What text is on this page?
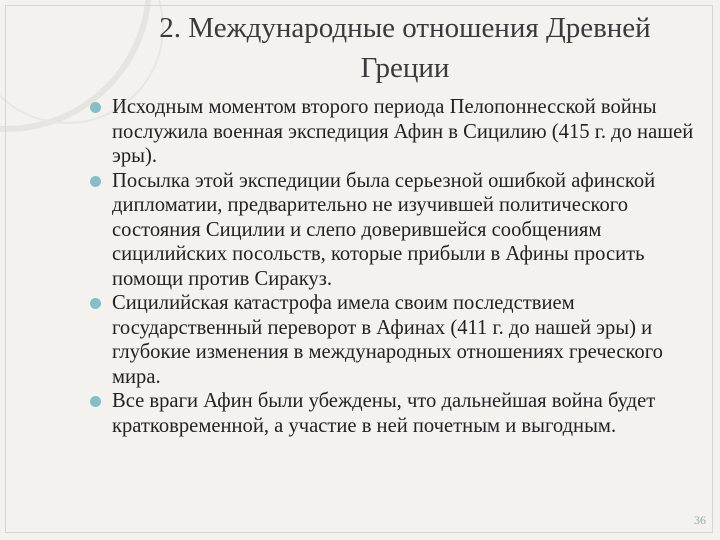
2. Международные отношения Древней
Греции

Исходным моментом второго периода Пелопоннесской войны послужила военная экспедиция Афин в Сицилию (415 г. до нашей эры).

Посылка этой экспедиции была серьезной ошибкой афинской дипломатии, предварительно не изучившей политического состояния Сицилии и слепо доверившейся сообщениям сицилийских посольств, которые прибыли в Афины просить помощи против Сиракуз.

Сицилийская катастрофа имела своим последствием государственный переворот в Афинах (411 г. до нашей эры) и глубокие изменения в международных отношениях греческого мира.

Все враги Афин были убеждены, что дальнейшая война будет кратковременной, а участие в ней почетным и выгодным.

36
